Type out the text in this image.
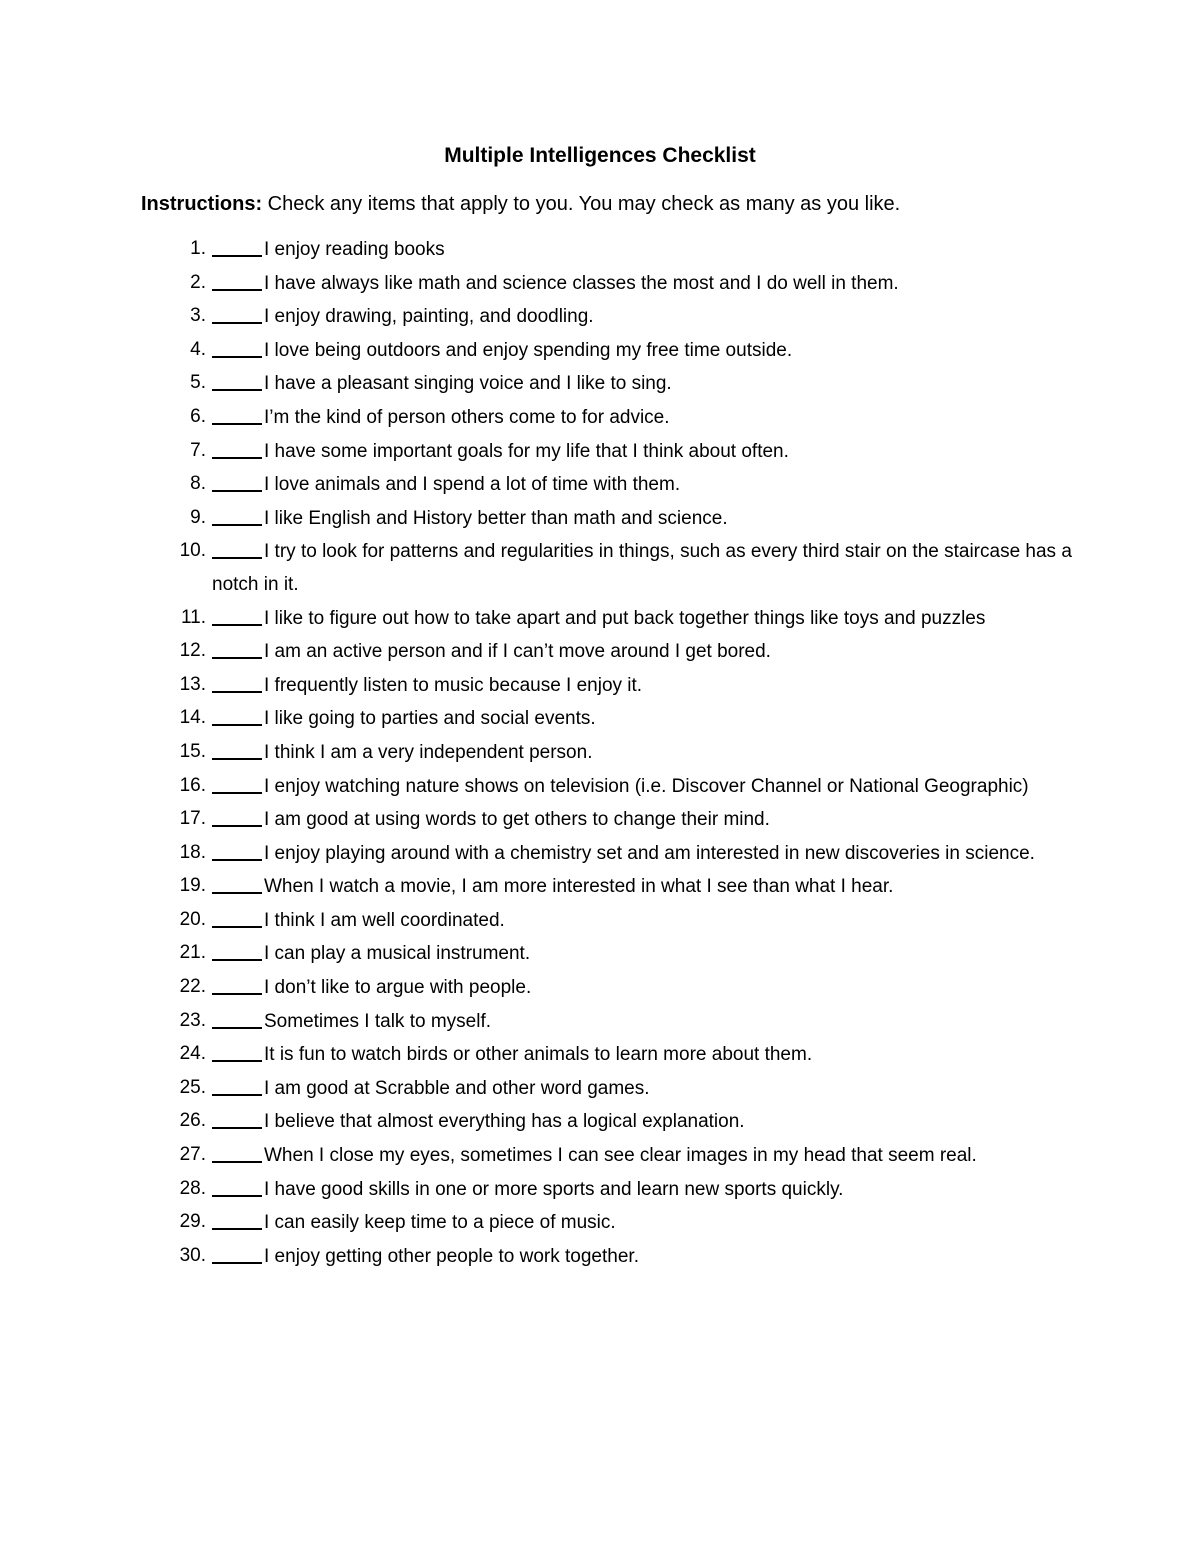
Multiple Intelligences Checklist
Instructions: Check any items that apply to you. You may check as many as you like.
1.	I enjoy reading books
2.	I have always like math and science classes the most and I do well in them.
3.	I enjoy drawing, painting, and doodling.
4.	I love being outdoors and enjoy spending my free time outside.
5.	I have a pleasant singing voice and I like to sing.
6.	I’m the kind of person others come to for advice.
7.	I have some important goals for my life that I think about often.
8.	I love animals and I spend a lot of time with them.
9.	I like English and History better than math and science.
10.	I try to look for patterns and regularities in things, such as every third stair on the staircase has a notch in it.
11.	I like to figure out how to take apart and put back together things like toys and puzzles
12.	I am an active person and if I can’t move around I get bored.
13.	I frequently listen to music because I enjoy it.
14.	I like going to parties and social events.
15.	I think I am a very independent person.
16.	I enjoy watching nature shows on television (i.e. Discover Channel or National Geographic)
17.	I am good at using words to get others to change their mind.
18.	I enjoy playing around with a chemistry set and am interested in new discoveries in science.
19.	When I watch a movie, I am more interested in what I see than what I hear.
20.	I think I am well coordinated.
21.	I can play a musical instrument.
22.	I don’t like to argue with people.
23.	Sometimes I talk to myself.
24.	It is fun to watch birds or other animals to learn more about them.
25.	I am good at Scrabble and other word games.
26.	I believe that almost everything has a logical explanation.
27.	When I close my eyes, sometimes I can see clear images in my head that seem real.
28.	I have good skills in one or more sports and learn new sports quickly.
29.	I can easily keep time to a piece of music.
30.	I enjoy getting other people to work together.
